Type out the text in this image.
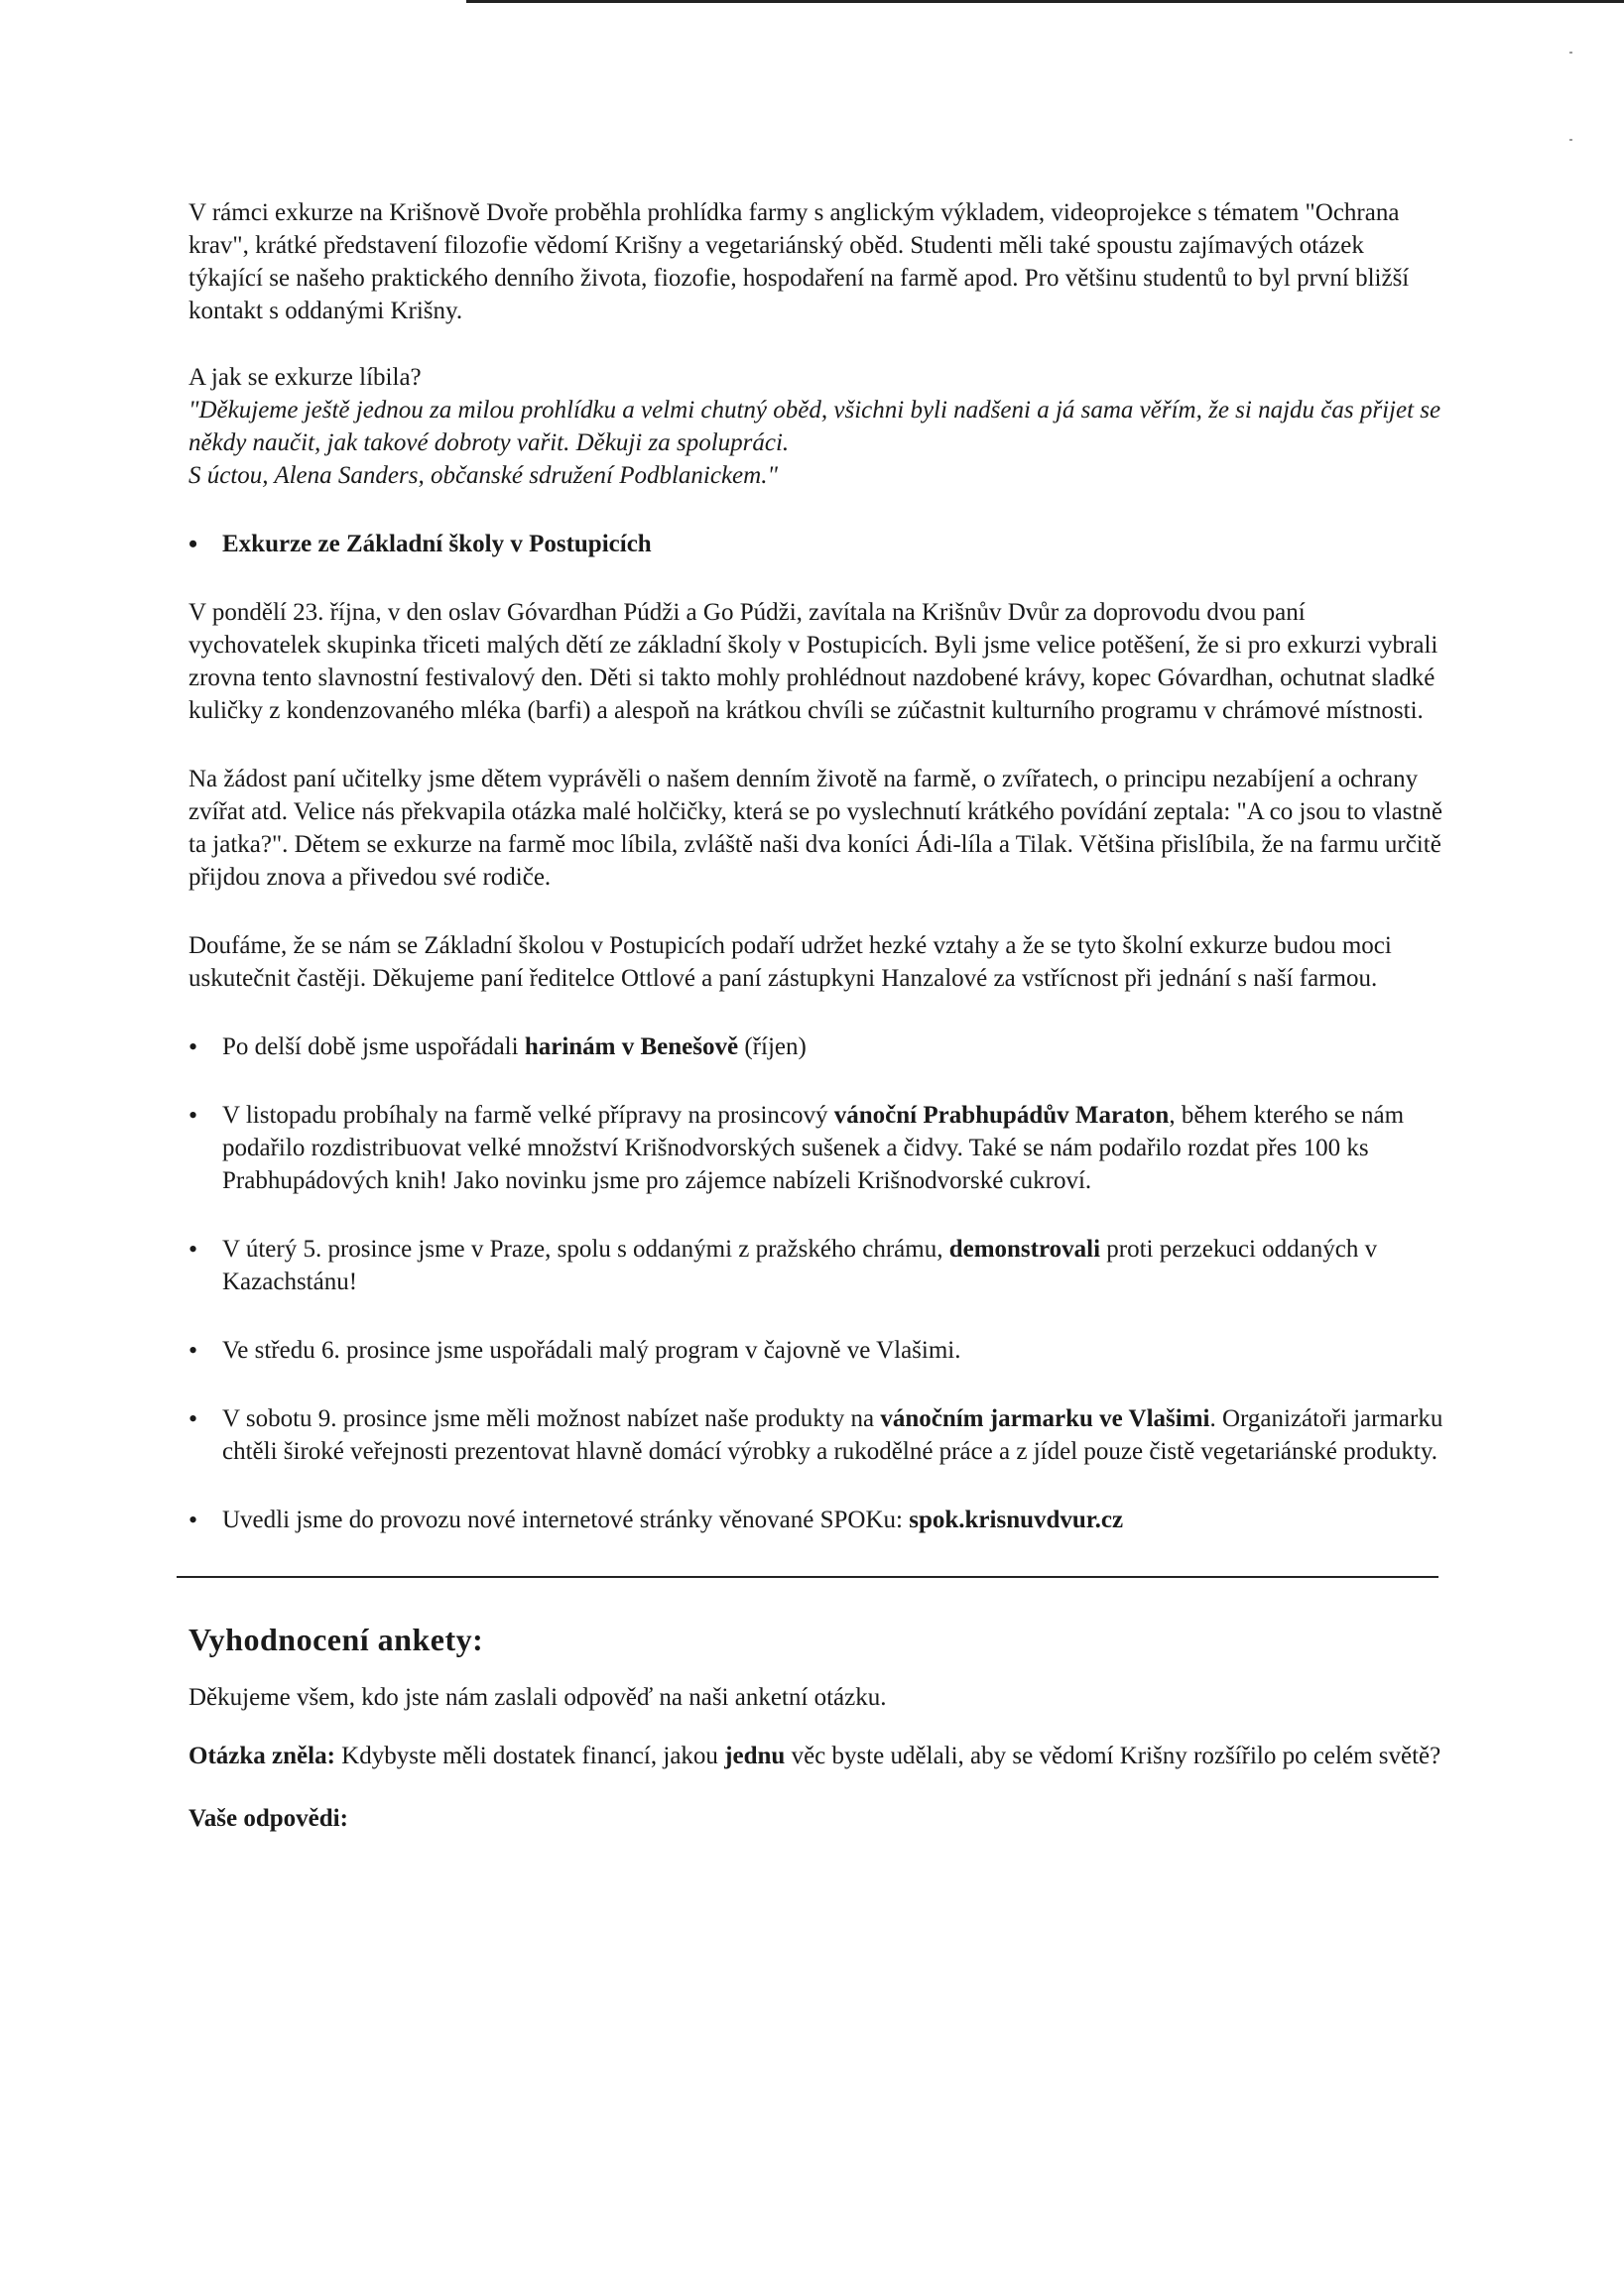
V rámci exkurze na Krišnově Dvoře proběhla prohlídka farmy s anglickým výkladem, videoprojekce s tématem "Ochrana krav", krátké představení filozofie vědomí Krišny a vegetariánský oběd. Studenti měli také spoustu zajímavých otázek týkající se našeho praktického denního života, fiozofie, hospodaření na farmě apod. Pro většinu studentů to byl první bližší kontakt s oddanými Krišny.

A jak se exkurze líbila?

"Děkujeme ještě jednou za milou prohlídku a velmi chutný oběd, všichni byli nadšeni a já sama věřím, že si najdu čas přijet se někdy naučit, jak takové dobroty vařit. Děkuji za spolupráci.

S úctou, Alena Sanders, občanské sdružení Podblanickem."

• Exkurze ze Základní školy v Postupicích

V pondělí 23. října, v den oslav Góvardhan Púdži a Go Púdži, zavítala na Krišnův Dvůr za doprovodu dvou paní vychovatelek skupinka třiceti malých dětí ze základní školy v Postupicích. Byli jsme velice potěšení, že si pro exkurzi vybrali zrovna tento slavnostní festivalový den. Děti si takto mohly prohlédnout nazdobené krávy, kopec Góvardhan, ochutnat sladké kuličky z kondenzovaného mléka (barfi) a alespoň na krátkou chvíli se zúčastnit kulturního programu v chrámové místnosti.

Na žádost paní učitelky jsme dětem vyprávěli o našem denním životě na farmě, o zvířatech, o principu nezabíjení a ochrany zvířat atd. Velice nás překvapila otázka malé holčičky, která se po vyslechnutí krátkého povídání zeptala: "A co jsou to vlastně ta jatka?". Dětem se exkurze na farmě moc líbila, zvláště naši dva koníci Ádi-líla a Tilak. Většina přislíbila, že na farmu určitě přijdou znova a přivedou své rodiče.

Doufáme, že se nám se Základní školou v Postupicích podaří udržet hezké vztahy a že se tyto školní exkurze budou moci uskutečnit častěji. Děkujeme paní ředitelce Ottlové a paní zástupkyni Hanzalové za vstřícnost při jednání s naší farmou.

• Po delší době jsme uspořádali harinám v Benešově (říjen)
• V listopadu probíhaly na farmě velké přípravy na prosincový vánoční Prabhupádův Maraton, během kterého se nám podařilo rozdistribuovat velké množství Krišnodvorských sušenek a čidvy. Také se nám podařilo rozdat přes 100 ks Prabhupádových knih! Jako novinku jsme pro zájemce nabízeli Krišnodvorské cukroví.
• V úterý 5. prosince jsme v Praze, spolu s oddanými z pražského chrámu, demonstrovali proti perzekuci oddaných v Kazachstánu!
• Ve středu 6. prosince jsme uspořádali malý program v čajovně ve Vlašimi.
• V sobotu 9. prosince jsme měli možnost nabízet naše produkty na vánočním jarmarku ve Vlašimi. Organizátoři jarmarku chtěli široké veřejnosti prezentovat hlavně domácí výrobky a rukodělné práce a z jídel pouze čistě vegetariánské produkty.
• Uvedli jsme do provozu nové internetové stránky věnované SPOKu: spok.krisnuvdvur.cz
Vyhodnocení ankety:

Děkujeme všem, kdo jste nám zaslali odpověď na naši anketní otázku.

Otázka zněla: Kdybyste měli dostatek financí, jakou jednu věc byste udělali, aby se vědomí Krišny rozšířilo po celém světě?

Vaše odpovědi:
